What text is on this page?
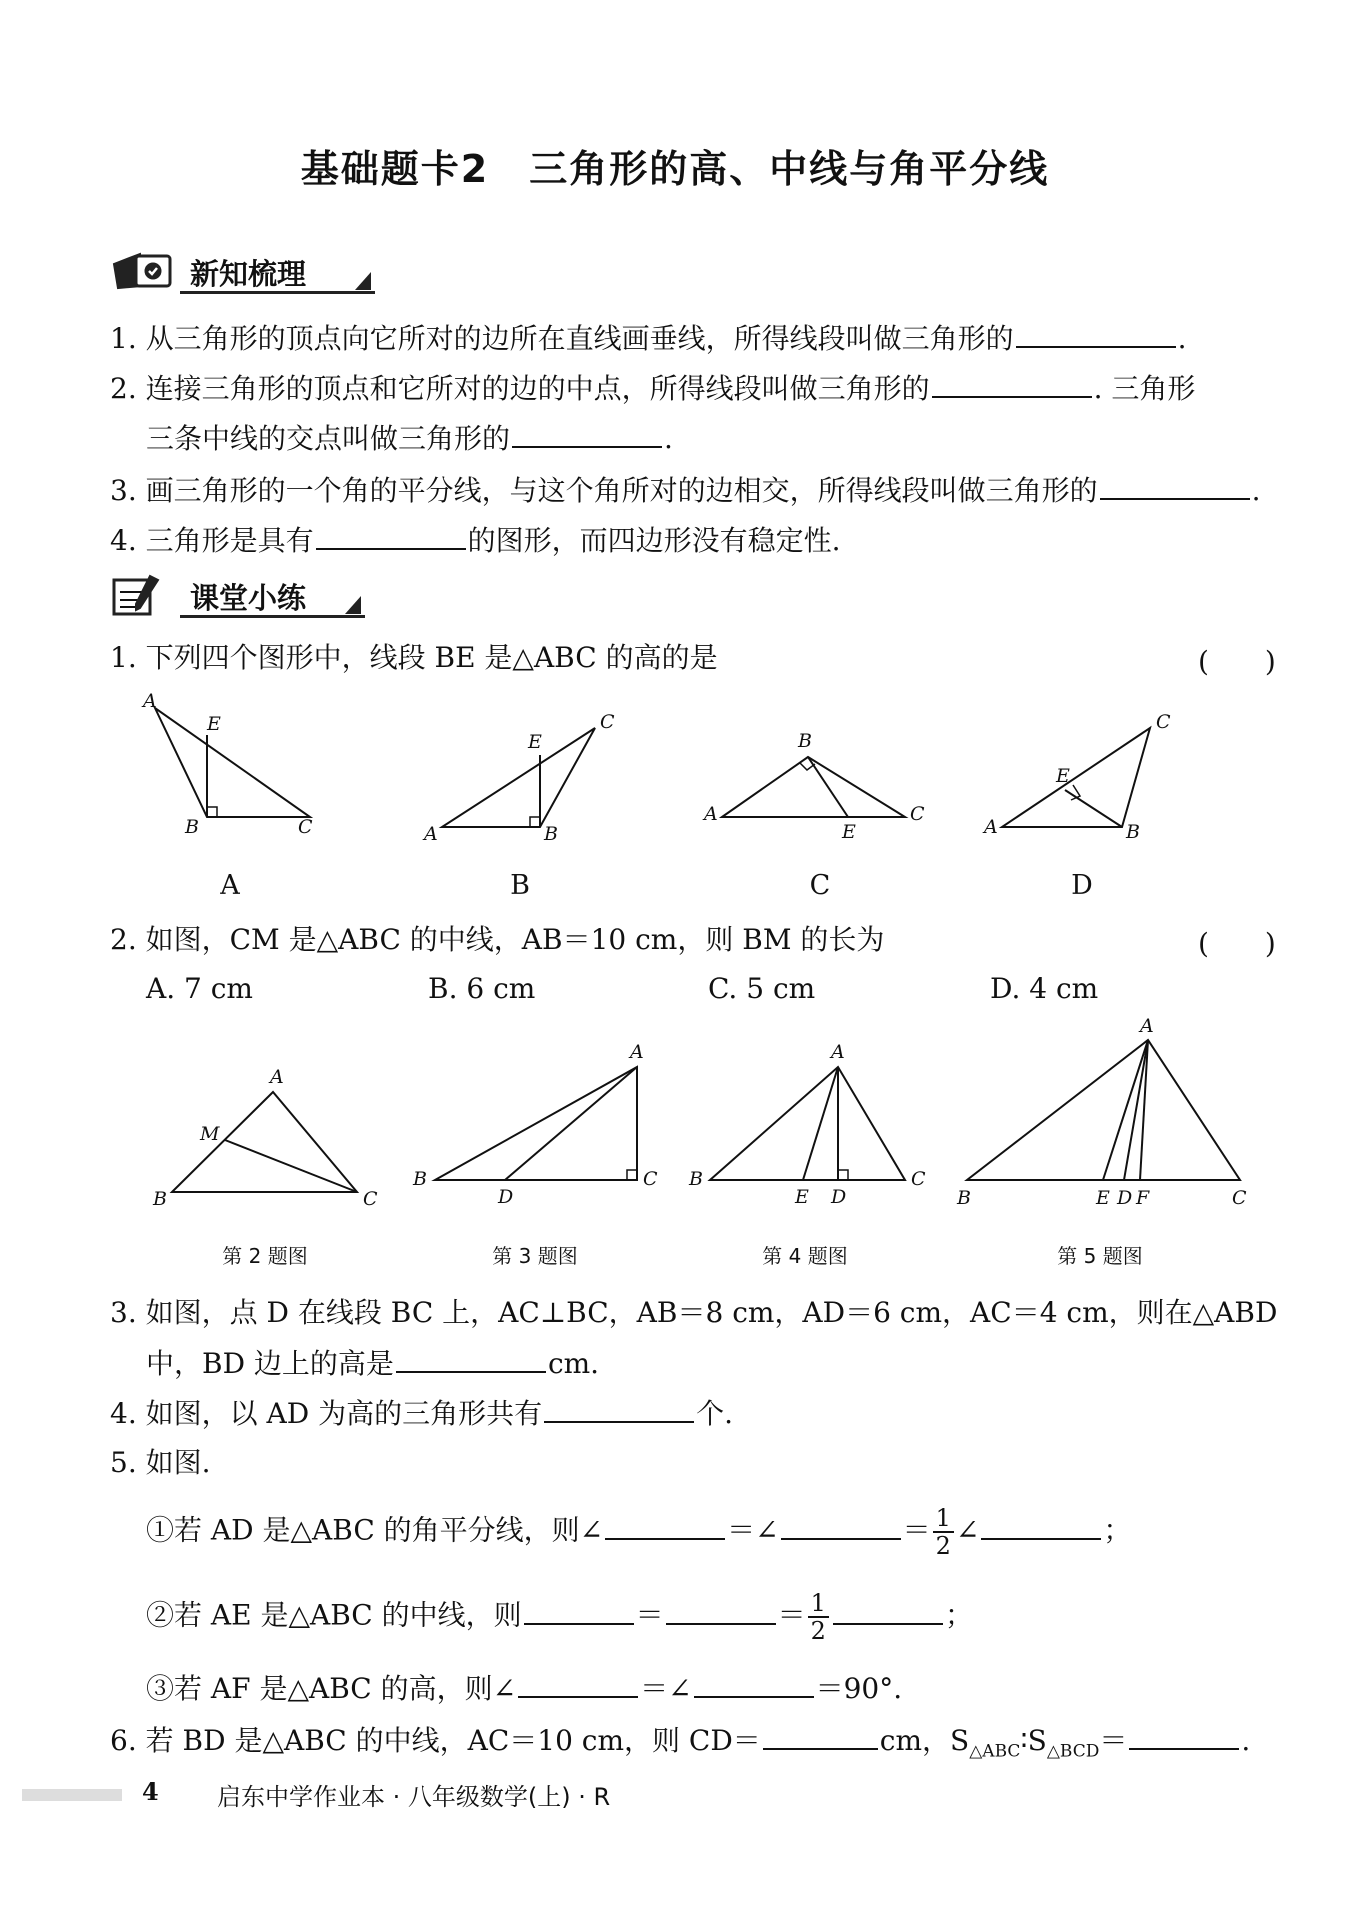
基础题卡2　三角形的高、中线与角平分线
新知梳理
1. 从三角形的顶点向它所对的边所在直线画垂线，所得线段叫做三角形的	.
2. 连接三角形的顶点和它所对的边的中点，所得线段叫做三角形的	. 三角形
三条中线的交点叫做三角形的	.
3. 画三角形的一个角的平分线，与这个角所对的边相交，所得线段叫做三角形的	.
4. 三角形是具有	的图形，而四边形没有稳定性.
课堂小练
1. 下列四个图形中，线段 BE 是△ABC 的高的是	(　　)
A
E
B	C
E
C
A	B
B
A	C
E
E
C
A	B
A	B	C	D
2. 如图，CM 是△ABC 的中线，AB＝10 cm，则 BM 的长为	(　　)
A. 7 cm	B. 6 cm	C. 5 cm	D. 4 cm
A
M
B	C
A
B
D
C
A
B
E D
C
A
B	E D F	C
第 2 题图	第 3 题图	第 4 题图	第 5 题图
3. 如图，点 D 在线段 BC 上，AC⊥BC，AB＝8 cm，AD＝6 cm，AC＝4 cm，则在△ABD
中，BD 边上的高是	cm.
4. 如图，以 AD 为高的三角形共有	个.
5. 如图.
①若 AD 是△ABC 的角平分线，则∠	＝∠	＝ $\frac{1}{2}$ ∠	；
②若 AE 是△ABC 的中线，则	＝	＝ $\frac{1}{2}$	；
③若 AF 是△ABC 的高，则∠	＝∠	＝90°.
6. 若 BD 是△ABC 的中线，AC＝10 cm，则 CD＝	cm，$S_{\triangle ABC}∶S_{\triangle BCD}=$	.
4 启东中学作业本 · 八年级数学(上) · R
